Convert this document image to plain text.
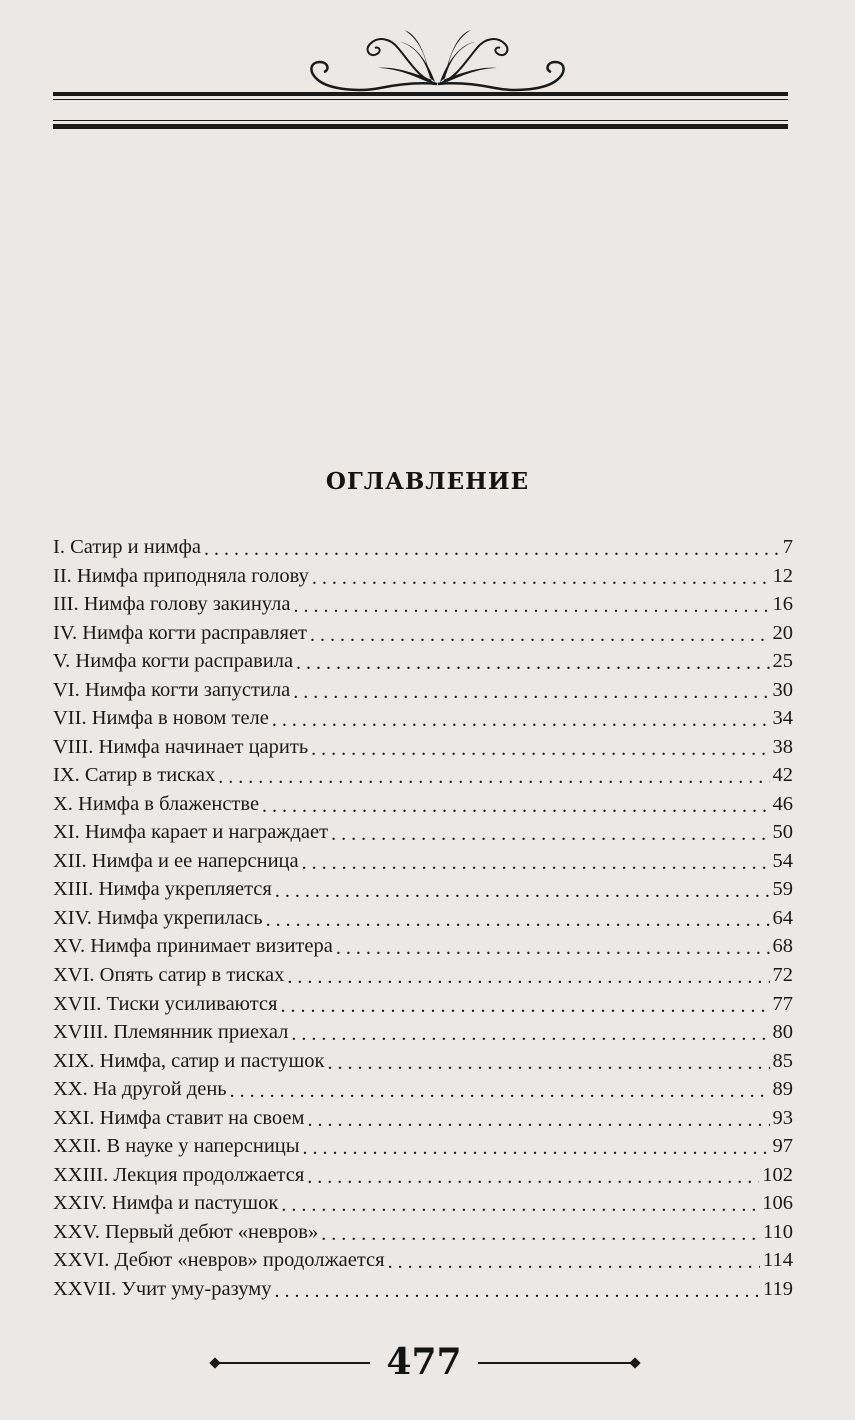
ОГЛАВЛЕНИЕ
I. Сатир и нимфа . . .	7
II. Нимфа приподняла голову . . .	12
III. Нимфа голову закинула . . .	16
IV. Нимфа когти расправляет . . .	20
V. Нимфа когти расправила . . .	25
VI. Нимфа когти запустила . . .	30
VII. Нимфа в новом теле . . .	34
VIII. Нимфа начинает царить . . .	38
IX. Сатир в тисках . . .	42
X. Нимфа в блаженстве . . .	46
XI. Нимфа карает и награждает . . .	50
XII. Нимфа и ее наперсница . . .	54
XIII. Нимфа укрепляется . . .	59
XIV. Нимфа укрепилась . . .	64
XV. Нимфа принимает визитера . . .	68
XVI. Опять сатир в тисках . . .	72
XVII. Тиски усиливаются . . .	77
XVIII. Племянник приехал . . .	80
XIX. Нимфа, сатир и пастушок . . .	85
XX. На другой день . . .	89
XXI. Нимфа ставит на своем . . .	93
XXII. В науке у наперсницы . . .	97
XXIII. Лекция продолжается . . .	102
XXIV. Нимфа и пастушок . . .	106
XXV. Первый дебют «невров» . . .	110
XXVI. Дебют «невров» продолжается . . .	114
XXVII. Учит уму-разуму . . .	119
477
